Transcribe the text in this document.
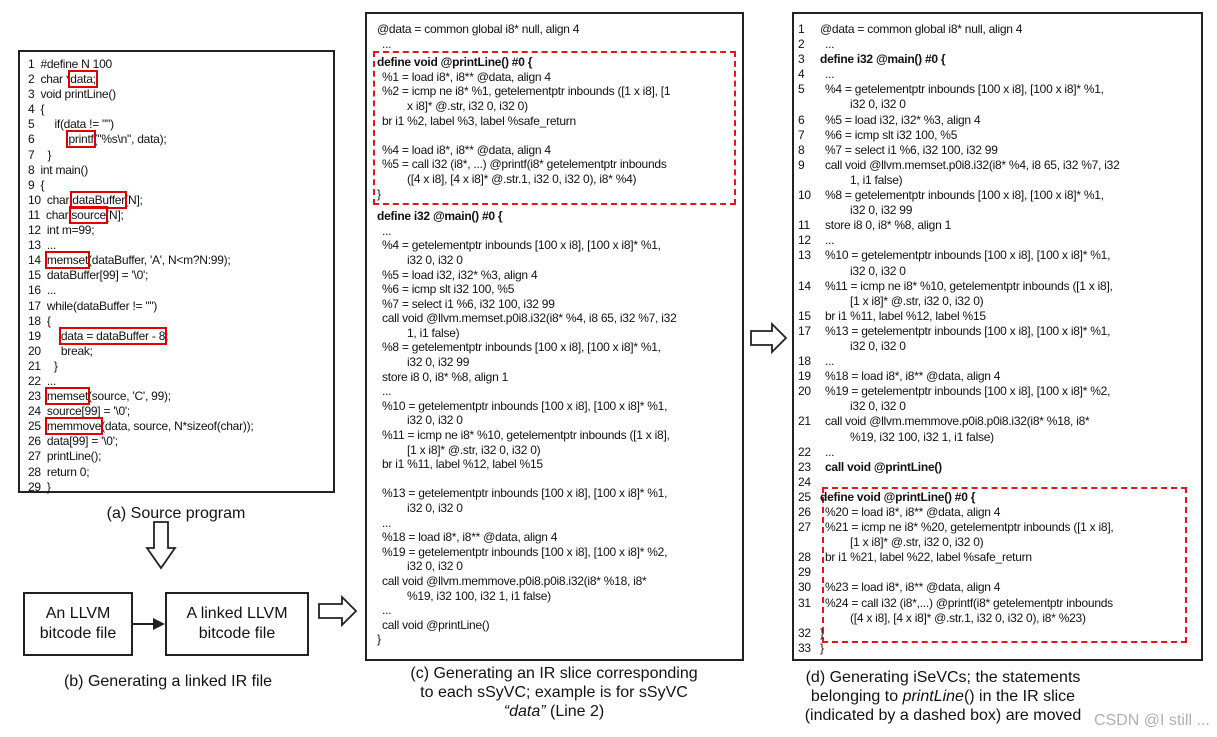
1 #define N 100
2 char *data;
3 void printLine()
4 {
5 if(data != "")
6	printf("%s\n", data);
7 }
8 int main()
9 {
10 char dataBuffer[N];
11 char source[N];
12 int m=99;
13 ...
14 memset(dataBuffer, 'A', N<m?N:99);
15 dataBuffer[99] = '\0';
16 ...
17 while(dataBuffer != "")
18 {
19 data = dataBuffer - 8;
20 break;
21 }
22 ...
23 memset(source, 'C', 99);
24 source[99] = '\0';
25 memmove(data, source, N*sizeof(char));
26 data[99] = '\0';
27 printLine();
28 return 0;
29 }
(a) Source program
An LLVM bitcode file
A linked LLVM bitcode file
(b) Generating a linked IR file
@data = common global i8* null, align 4
...
define void @printLine() #0 {
%1 = load i8*, i8** @data, align 4
%2 = icmp ne i8* %1, getelementptr inbounds ([1 x i8], [1
x i8]* @.str, i32 0, i32 0)
br i1 %2, label %3, label %safe_return
%4 = load i8*, i8** @data, align 4
%5 = call i32 (i8*, ...) @printf(i8* getelementptr inbounds
([4 x i8], [4 x i8]* @.str.1, i32 0, i32 0), i8* %4)
}
define i32 @main() #0 {
...
%4 = getelementptr inbounds [100 x i8], [100 x i8]* %1,
i32 0, i32 0
%5 = load i32, i32* %3, align 4
%6 = icmp slt i32 100, %5
%7 = select i1 %6, i32 100, i32 99
call void @llvm.memset.p0i8.i32(i8* %4, i8 65, i32 %7, i32
1, i1 false)
%8 = getelementptr inbounds [100 x i8], [100 x i8]* %1,
i32 0, i32 99
store i8 0, i8* %8, align 1
...
%10 = getelementptr inbounds [100 x i8], [100 x i8]* %1,
i32 0, i32 0
%11 = icmp ne i8* %10, getelementptr inbounds ([1 x i8],
[1 x i8]* @.str, i32 0, i32 0)
br i1 %11, label %12, label %15
%13 = getelementptr inbounds [100 x i8], [100 x i8]* %1,
i32 0, i32 0
...
%18 = load i8*, i8** @data, align 4
%19 = getelementptr inbounds [100 x i8], [100 x i8]* %2,
i32 0, i32 0
call void @llvm.memmove.p0i8.p0i8.i32(i8* %18, i8*
%19, i32 100, i32 1, i1 false)
...
call void @printLine()
}
(c) Generating an IR slice corresponding
to each sSyVC; example is for sSyVC
“data” (Line 2)
1 @data = common global i8* null, align 4
2 ...
3 define i32 @main() #0 {
4 ...
5 %4 = getelementptr inbounds [100 x i8], [100 x i8]* %1,
i32 0, i32 0
6 %5 = load i32, i32* %3, align 4
7 %6 = icmp slt i32 100, %5
8 %7 = select i1 %6, i32 100, i32 99
9 call void @llvm.memset.p0i8.i32(i8* %4, i8 65, i32 %7, i32
1, i1 false)
10 %8 = getelementptr inbounds [100 x i8], [100 x i8]* %1,
i32 0, i32 99
11 store i8 0, i8* %8, align 1
12 ...
13 %10 = getelementptr inbounds [100 x i8], [100 x i8]* %1,
i32 0, i32 0
14 %11 = icmp ne i8* %10, getelementptr inbounds ([1 x i8],
[1 x i8]* @.str, i32 0, i32 0)
15 br i1 %11, label %12, label %15
17 %13 = getelementptr inbounds [100 x i8], [100 x i8]* %1,
i32 0, i32 0
18 ...
19 %18 = load i8*, i8** @data, align 4
20 %19 = getelementptr inbounds [100 x i8], [100 x i8]* %2,
i32 0, i32 0
21 call void @llvm.memmove.p0i8.p0i8.i32(i8* %18, i8*
%19, i32 100, i32 1, i1 false)
22 ...
23 call void @printLine()
24
25 define void @printLine() #0 {
26 %20 = load i8*, i8** @data, align 4
27 %21 = icmp ne i8* %20, getelementptr inbounds ([1 x i8],
[1 x i8]* @.str, i32 0, i32 0)
28 br i1 %21, label %22, label %safe_return
29
30 %23 = load i8*, i8** @data, align 4
31 %24 = call i32 (i8*,...) @printf(i8* getelementptr inbounds
([4 x i8], [4 x i8]* @.str.1, i32 0, i32 0), i8* %23)
32 }
33 }
(d) Generating iSeVCs; the statements
belonging to printLine() in the IR slice
(indicated by a dashed box) are moved CSDN @I still ...
